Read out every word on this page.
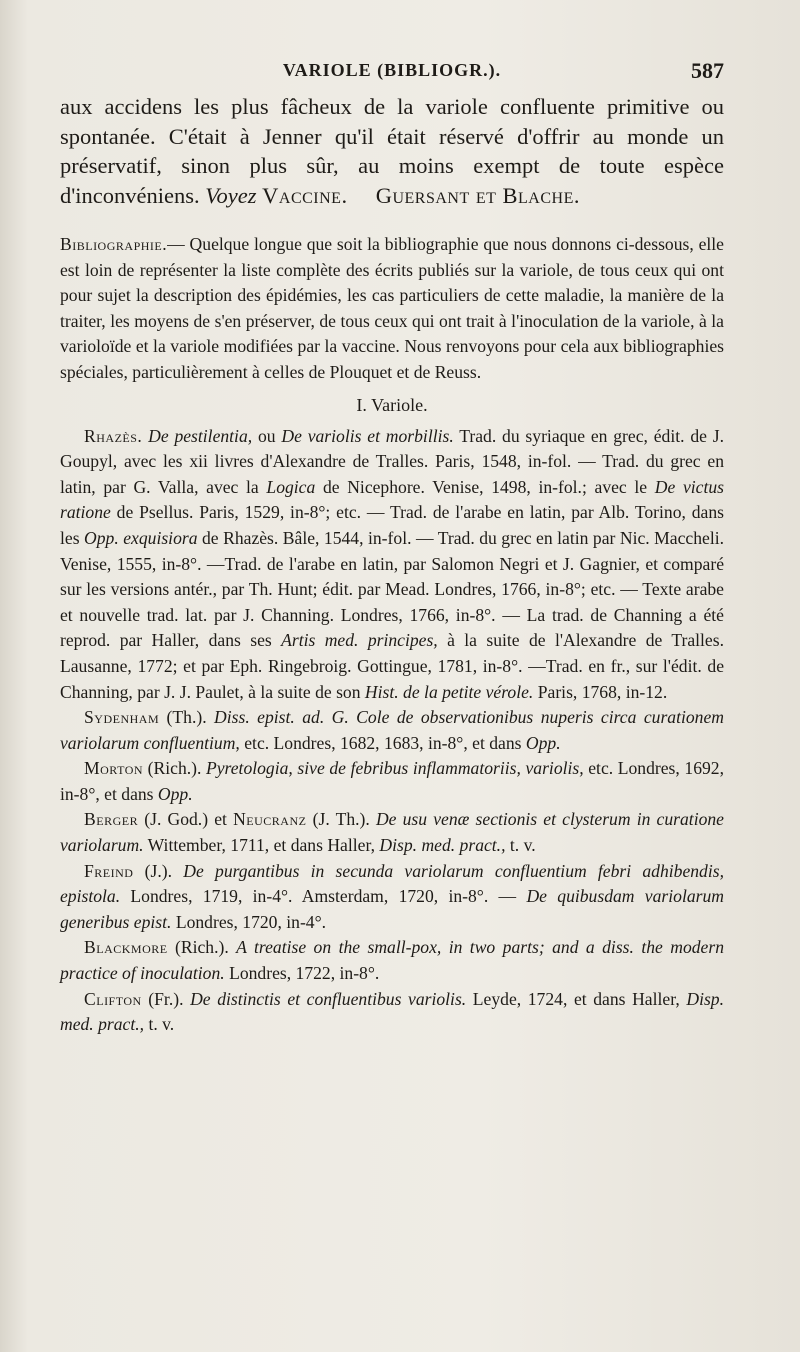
VARIOLE (BIBLIOGR.).	587

aux accidens les plus fâcheux de la variole confluente primitive ou spontanée. C'était à Jenner qu'il était réservé d'offrir au monde un préservatif, sinon plus sûr, au moins exempt de toute espèce d'inconvéniens. Voyez Vaccine. Guersant et Blache.

Bibliographie.— Quelque longue que soit la bibliographie que nous donnons ci-dessous, elle est loin de représenter la liste complète des écrits publiés sur la variole, de tous ceux qui ont pour sujet la description des épidémies, les cas particuliers de cette maladie, la manière de la traiter, les moyens de s'en préserver, de tous ceux qui ont trait à l'inoculation de la variole, à la varioloïde et la variole modifiées par la vaccine. Nous renvoyons pour cela aux bibliographies spéciales, particulièrement à celles de Plouquet et de Reuss.

I. Variole.

Rhazès. De pestilentia, ou De variolis et morbillis. Trad. du syriaque en grec, édit. de J. Goupyl, avec les xii livres d'Alexandre de Tralles. Paris, 1548, in-fol. — Trad. du grec en latin, par G. Valla, avec la Logica de Nicephore. Venise, 1498, in-fol.; avec le De victus ratione de Psellus. Paris, 1529, in-8°; etc. — Trad. de l'arabe en latin, par Alb. Torino, dans les Opp. exquisiora de Rhazès. Bâle, 1544, in-fol. — Trad. du grec en latin par Nic. Maccheli. Venise, 1555, in-8°. —Trad. de l'arabe en latin, par Salomon Negri et J. Gagnier, et comparé sur les versions antér., par Th. Hunt; édit. par Mead. Londres, 1766, in-8°; etc. — Texte arabe et nouvelle trad. lat. par J. Channing. Londres, 1766, in-8°. — La trad. de Channing a été reprod. par Haller, dans ses Artis med. principes, à la suite de l'Alexandre de Tralles. Lausanne, 1772; et par Eph. Ringebroig. Gottingue, 1781, in-8°. —Trad. en fr., sur l'édit. de Channing, par J. J. Paulet, à la suite de son Hist. de la petite vérole. Paris, 1768, in-12.

Sydenham (Th.). Diss. epist. ad. G. Cole de observationibus nuperis circa curationem variolarum confluentium, etc. Londres, 1682, 1683, in-8°, et dans Opp.

Morton (Rich.). Pyretologia, sive de febribus inflammatoriis, variolis, etc. Londres, 1692, in-8°, et dans Opp.

Berger (J. God.) et Neucranz (J. Th.). De usu venæ sectionis et clysterum in curatione variolarum. Wittember, 1711, et dans Haller, Disp. med. pract., t. v.

Freind (J.). De purgantibus in secunda variolarum confluentium febri adhibendis, epistola. Londres, 1719, in-4°. Amsterdam, 1720, in-8°. — De quibusdam variolarum generibus epist. Londres, 1720, in-4°.

Blackmore (Rich.). A treatise on the small-pox, in two parts; and a diss. the modern practice of inoculation. Londres, 1722, in-8°.

Clifton (Fr.). De distinctis et confluentibus variolis. Leyde, 1724, et dans Haller, Disp. med. pract., t. v.
